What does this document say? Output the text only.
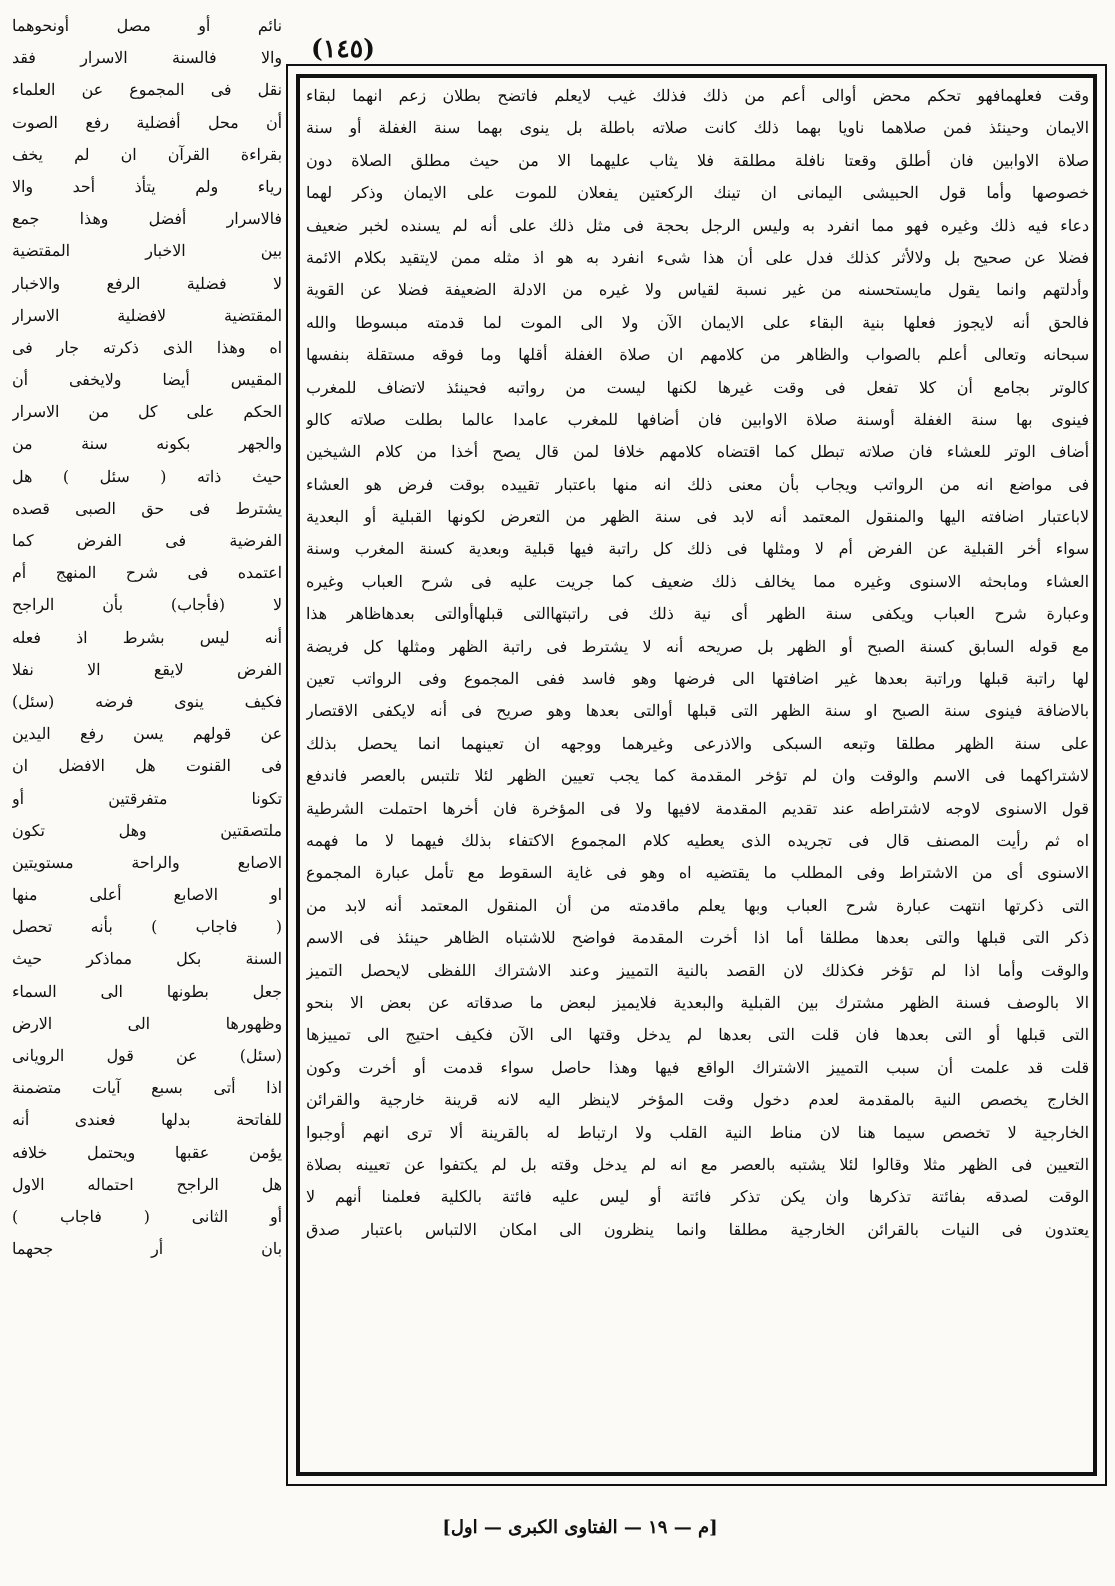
(١٤٥)
وقت فعلهمافهو تحكم محض أوالى أعم من ذلك فذلك غيب لايعلم فاتضح بطلان زعم انهما لبقاء
الايمان وحينئذ فمن صلاهما ناويا بهما ذلك كانت صلاته باطلة بل ينوى بهما سنة الغفلة أو سنة
صلاة الاوابين فان أطلق وقعتا نافلة مطلقة فلا يثاب عليهما الا من حيث مطلق الصلاة دون
خصوصها وأما قول الحبيشى اليمانى ان تينك الركعتين يفعلان للموت على الايمان وذكر لهما
دعاء فيه ذلك وغيره فهو مما انفرد به وليس الرجل بحجة فى مثل ذلك على أنه لم يسنده لخبر ضعيف
فضلا عن صحيح بل ولالأثر كذلك فدل على أن هذا شىء انفرد به هو اذ مثله ممن لايتقيد بكلام الائمة
وأدلتهم وانما يقول مايستحسنه من غير نسبة لقياس ولا غيره من الادلة الضعيفة فضلا عن القوية
فالحق أنه لايجوز فعلها بنية البقاء على الايمان الآن ولا الى الموت لما قدمته مبسوطا والله
سبحانه وتعالى أعلم بالصواب والظاهر من كلامهم ان صلاة الغفلة أقلها وما فوقه مستقلة بنفسها
كالوتر بجامع أن كلا تفعل فى وقت غيرها لكنها ليست من رواتبه فحينئذ لاتضاف للمغرب
فينوى بها سنة الغفلة أوسنة صلاة الاوابين فان أضافها للمغرب عامدا عالما بطلت صلاته كالو
أضاف الوتر للعشاء فان صلاته تبطل كما اقتضاه كلامهم خلافا لمن قال يصح أخذا من كلام الشيخين
فى مواضع انه من الرواتب ويجاب بأن معنى ذلك انه منها باعتبار تقييده بوقت فرض هو العشاء
لاباعتبار اضافته اليها والمنقول المعتمد أنه لابد فى سنة الظهر من التعرض لكونها القبلية أو البعدية
سواء أخر القبلية عن الفرض أم لا ومثلها فى ذلك كل راتبة فيها قبلية وبعدية كسنة المغرب وسنة
العشاء ومابحثه الاسنوى وغيره مما يخالف ذلك ضعيف كما جريت عليه فى شرح العباب وغيره
وعبارة شرح العباب ويكفى سنة الظهر أى نية ذلك فى راتبتهاالتى قبلهاأوالتى بعدهاظاهر هذا
مع قوله السابق كسنة الصبح أو الظهر بل صريحه أنه لا يشترط فى راتبة الظهر ومثلها كل فريضة
لها راتبة قبلها وراتبة بعدها غير اضافتها الى فرضها وهو فاسد ففى المجموع وفى الرواتب تعين
بالاضافة فينوى سنة الصبح او سنة الظهر التى قبلها أوالتى بعدها وهو صريح فى أنه لايكفى الاقتصار
على سنة الظهر مطلقا وتبعه السبكى والاذرعى وغيرهما ووجهه ان تعينهما انما يحصل بذلك
لاشتراكهما فى الاسم والوقت وان لم تؤخر المقدمة كما يجب تعيين الظهر لئلا تلتبس بالعصر فاندفع
قول الاسنوى لاوجه لاشتراطه عند تقديم المقدمة لافيها ولا فى المؤخرة فان أخرها احتملت الشرطية
اه ثم رأيت المصنف قال فى تجريده الذى يعطيه كلام المجموع الاكتفاء بذلك فيهما لا ما فهمه
الاسنوى أى من الاشتراط وفى المطلب ما يقتضيه اه وهو فى غاية السقوط مع تأمل عبارة المجموع
التى ذكرتها انتهت عبارة شرح العباب وبها يعلم ماقدمته من أن المنقول المعتمد أنه لابد من
ذكر التى قبلها والتى بعدها مطلقا أما اذا أخرت المقدمة فواضح للاشتباه الظاهر حينئذ فى الاسم
والوقت وأما اذا لم تؤخر فكذلك لان القصد بالنية التمييز وعند الاشتراك اللفظى لايحصل التميز
الا بالوصف فسنة الظهر مشترك بين القبلية والبعدية فلايميز لبعض ما صدقاته عن بعض الا بنحو
التى قبلها أو التى بعدها فان قلت التى بعدها لم يدخل وقتها الى الآن فكيف احتيج الى تمييزها
قلت قد علمت أن سبب التمييز الاشتراك الواقع فيها وهذا حاصل سواء قدمت أو أخرت وكون
الخارج يخصص النية بالمقدمة لعدم دخول وقت المؤخر لاينظر اليه لانه قرينة خارجية والقرائن
الخارجية لا تخصص سيما هنا لان مناط النية القلب ولا ارتباط له بالقرينة ألا ترى انهم أوجبوا
التعيين فى الظهر مثلا وقالوا لئلا يشتبه بالعصر مع انه لم يدخل وقته بل لم يكتفوا عن تعيينه بصلاة
الوقت لصدقه بفائتة تذكرها وان يكن تذكر فائتة أو ليس عليه فائتة بالكلية فعلمنا أنهم لا
يعتدون فى النيات بالقرائن الخارجية مطلقا وانما ينظرون الى امكان الالتباس باعتبار صدق
نائم أو مصل أونحوهما
والا فالسنة الاسرار فقد
نقل فى المجموع عن العلماء
أن محل أفضلية رفع الصوت
بقراءة القرآن ان لم يخف
رياء ولم يتأذ أحد والا
فالاسرار أفضل وهذا جمع
بين الاخبار المقتضية
لا فضلية الرفع والاخبار
المقتضية لافضلية الاسرار
اه وهذا الذى ذكرته جار فى
المقيس أيضا ولايخفى أن
الحكم على كل من الاسرار
والجهر بكونه سنة من
حيث ذاته ( سئل ) هل
يشترط فى حق الصبى قصده
الفرضية فى الفرض كما
اعتمده فى شرح المنهج أم
لا (فأجاب) بأن الراجح
أنه ليس بشرط اذ فعله
الفرض لايقع الا نفلا
فكيف ينوى فرضه (سئل)
عن قولهم يسن رفع اليدين
فى القنوت هل الافضل ان
تكونا متفرقتين أو
ملتصقتين وهل تكون
الاصابع والراحة مستويتين
او الاصابع أعلى منها
( فاجاب ) بأنه تحصل
السنة بكل مماذكر حيث
جعل بطونها الى السماء
وظهورها الى الارض
(سئل) عن قول الرويانى
اذا أتى بسبع آيات متضمنة
للفاتحة بدلها فعندى أنه
يؤمن عقبها ويحتمل خلافه
هل الراجح احتماله الاول
أو الثانى ( فاجاب )
بان أر جحهما
[م — ١٩ — الفتاوى الكبرى — اول]
